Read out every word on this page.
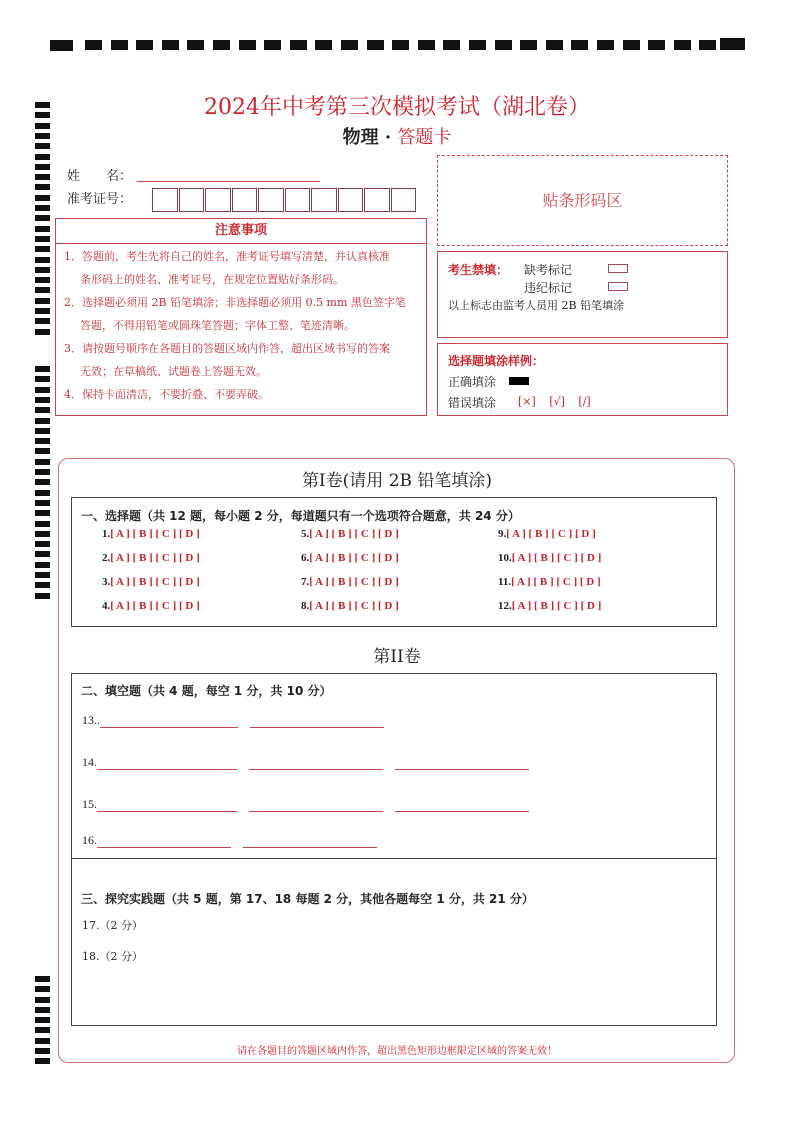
2024年中考第三次模拟考试（湖北卷）
物理 · 答题卡
姓　　名：
准考证号：	贴条形码区
注意事项
1．答题前，考生先将自己的姓名，准考证号填写清楚，并认真核准
条形码上的姓名、准考证号，在规定位置贴好条形码。
2．选择题必须用 2B 铅笔填涂；非选择题必须用 0.5 mm 黑色签字笔
答题，不得用铅笔或圆珠笔答题；字体工整、笔迹清晰。
3．请按题号顺序在各题目的答题区域内作答，超出区域书写的答案
无效；在草稿纸、试题卷上答题无效。
4．保持卡面清洁，不要折叠、不要弄破。
考生禁填： 缺考标记
违纪标记
以上标志由监考人员用 2B 铅笔填涂
选择题填涂样例：
正确填涂
错误填涂 [×] [√] [/]
第Ⅰ卷(请用 2B 铅笔填涂)
一、选择题（共 12 题，每小题 2 分，每道题只有一个选项符合题意，共 24 分）
1.[ A ] [ B ] [ C ] [ D ]
2.[ A ] [ B ] [ C ] [ D ]
3.[ A ] [ B ] [ C ] [ D ]
4.[ A ] [ B ] [ C ] [ D ]
5.[ A ] [ B ] [ C ] [ D ]
6.[ A ] [ B ] [ C ] [ D ]
7.[ A ] [ B ] [ C ] [ D ]
8.[ A ] [ B ] [ C ] [ D ]
9.[ A ] [ B ] [ C ] [ D ]
10.[ A ] [ B ] [ C ] [ D ]
11.[ A ] [ B ] [ C ] [ D ]
12.[ A ] [ B ] [ C ] [ D ]
第II卷
二、填空题（共 4 题，每空 1 分，共 10 分）
13..
14.
15.
16.
三、探究实践题（共 5 题，第 17、18 每题 2 分，其他各题每空 1 分，共 21 分）
17.（2 分）
18.（2 分）
请在各题目的答题区域内作答，超出黑色矩形边框限定区域的答案无效！
